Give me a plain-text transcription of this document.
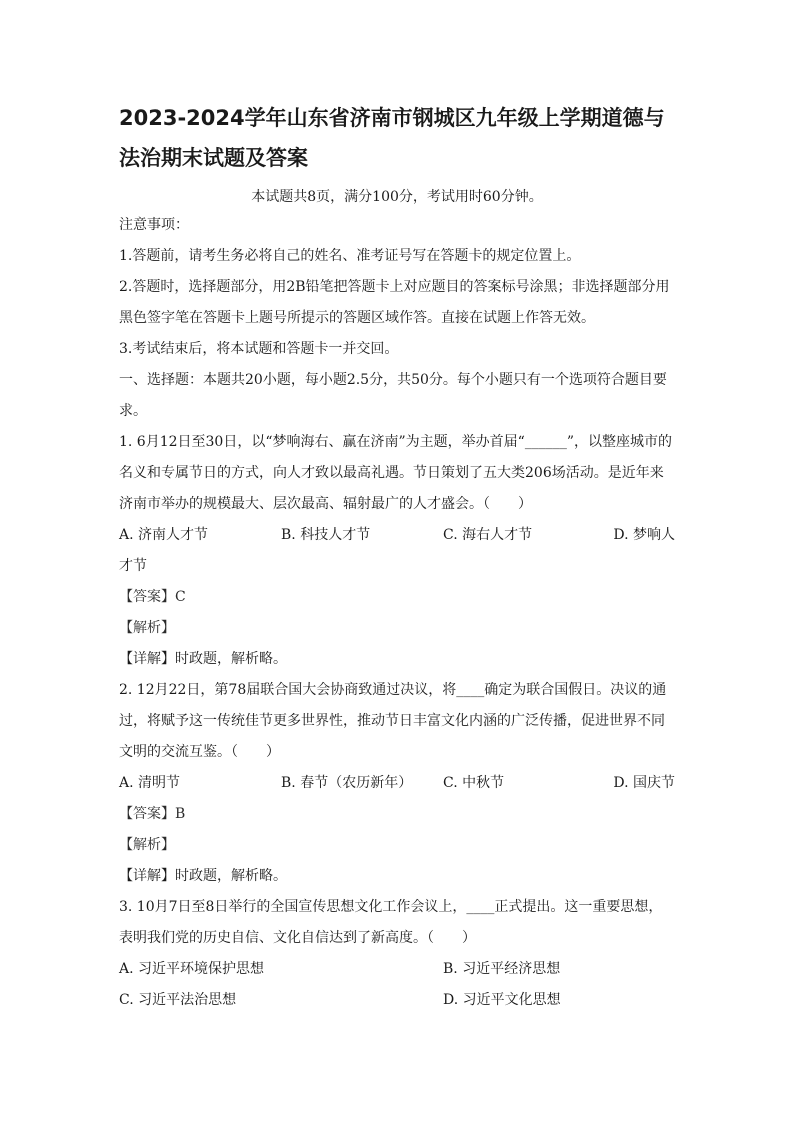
2023-2024学年山东省济南市钢城区九年级上学期道德与法治期末试题及答案
本试题共8页，满分100分，考试用时60分钟。

注意事项：

1.答题前，请考生务必将自己的姓名、准考证号写在答题卡的规定位置上。

2.答题时，选择题部分，用2B铅笔把答题卡上对应题目的答案标号涂黑；非选择题部分用黑色签字笔在答题卡上题号所提示的答题区域作答。直接在试题上作答无效。

3.考试结束后，将本试题和答题卡一并交回。

一、选择题：本题共20小题，每小题2.5分，共50分。每个小题只有一个选项符合题目要求。

1. 6月12日至30日，以“梦响海右、赢在济南”为主题，举办首届“______”，以整座城市的名义和专属节日的方式，向人才致以最高礼遇。节日策划了五大类206场活动。是近年来济南市举办的规模最大、层次最高、辐射最广的人才盛会。（　　）

A. 济南人才节	B. 科技人才节	C. 海右人才节	D. 梦响人

才节

【答案】C

【解析】

【详解】时政题，解析略。

2. 12月22日，第78届联合国大会协商致通过决议，将____确定为联合国假日。决议的通过，将赋予这一传统佳节更多世界性，推动节日丰富文化内涵的广泛传播，促进世界不同文明的交流互鉴。（　　）

A. 清明节	B. 春节（农历新年）	C. 中秋节	D. 国庆节

【答案】B

【解析】

【详解】时政题，解析略。

3. 10月7日至8日举行的全国宣传思想文化工作会议上，____正式提出。这一重要思想，表明我们党的历史自信、文化自信达到了新高度。（　　）

A. 习近平环境保护思想	B. 习近平经济思想
C. 习近平法治思想	D. 习近平文化思想
